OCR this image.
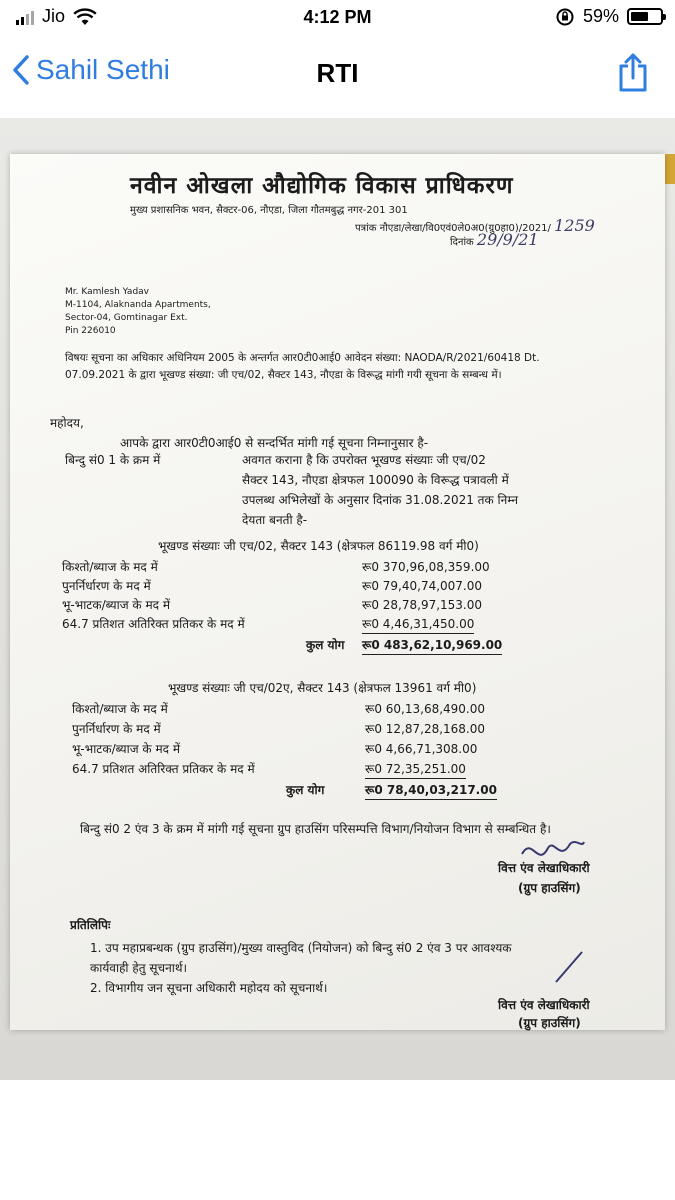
Jio	4:12 PM	59%
Sahil Sethi	RTI
नवीन ओखला औद्योगिक विकास प्राधिकरण
मुख्य प्रशासनिक भवन, सैक्टर-06, नौएडा, जिला गौतमबुद्ध नगर-201 301
पत्रांक नौएडा/लेखा/वि0एवं0ले0अ0(ग्रु0हा0)/2021/ 1259
दिनांक 29/9/21
Mr. Kamlesh Yadav
M-1104, Alaknanda Apartments,
Sector-04, Gomtinagar Ext.
Pin 226010
विषयः सूचना का अधिकार अधिनियम 2005 के अन्तर्गत आर0टी0आई0 आवेदन संख्या: NAODA/R/2021/60418 Dt. 07.09.2021 के द्वारा भूखण्ड संख्या: जी एच/02, सैक्टर 143, नौएडा के विरूद्ध मांगी गयी सूचना के सम्बन्ध में।
महोदय,
आपके द्वारा आर0टी0आई0 से सन्दर्भित मांगी गई सूचना निम्नानुसार है-
बिन्दु सं0 1 के क्रम में	अवगत कराना है कि उपरोक्त भूखण्ड संख्याः जी एच/02
सैक्टर 143, नौएडा क्षेत्रफल 100090 के विरूद्ध पत्रावली में
उपलब्ध अभिलेखों के अनुसार दिनांक 31.08.2021 तक निम्न
देयता बनती है-
भूखण्ड संख्याः जी एच/02, सैक्टर 143 (क्षेत्रफल 86119.98 वर्ग मी0)
किश्तो/ब्याज के मद में	रू0 370,96,08,359.00
पुनर्निर्धारण के मद में	रू0 79,40,74,007.00
भू-भाटक/ब्याज के मद में	रू0 28,78,97,153.00
64.7 प्रतिशत अतिरिक्त प्रतिकर के मद में	रू0 4,46,31,450.00
कुल योग रू0 483,62,10,969.00
भूखण्ड संख्याः जी एच/02ए, सैक्टर 143 (क्षेत्रफल 13961 वर्ग मी0)
किश्तो/ब्याज के मद में	रू0 60,13,68,490.00
पुनर्निर्धारण के मद में	रू0 12,87,28,168.00
भू-भाटक/ब्याज के मद में	रू0 4,66,71,308.00
64.7 प्रतिशत अतिरिक्त प्रतिकर के मद में	रू0 72,35,251.00
कुल योग	रू0 78,40,03,217.00
बिन्दु सं0 2 एंव 3 के क्रम में मांगी गई सूचना ग्रुप हाउसिंग परिसम्पत्ति विभाग/नियोजन विभाग से सम्बन्धित है।
वित्त एंव लेखाधिकारी
(ग्रुप हाउसिंग)
प्रतिलिपिः
1. उप महाप्रबन्धक (ग्रुप हाउसिंग)/मुख्य वास्तुविद (नियोजन) को बिन्दु सं0 2 एंव 3 पर आवश्यक
कार्यवाही हेतु सूचनार्थ।
2. विभागीय जन सूचना अधिकारी महोदय को सूचनार्थ।
वित्त एंव लेखाधिकारी
(ग्रुप हाउसिंग)
